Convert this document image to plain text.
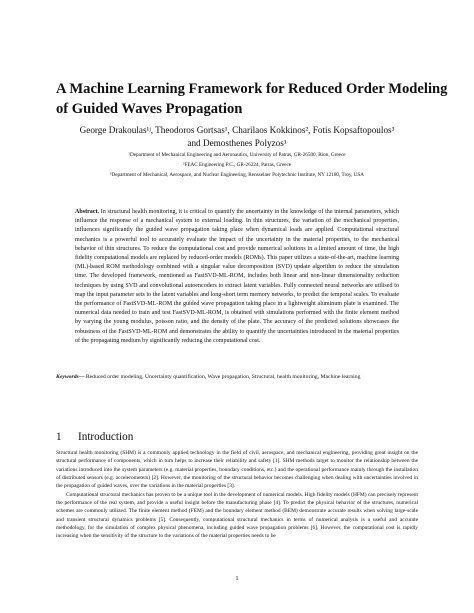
A Machine Learning Framework for Reduced Order Modeling
of Guided Waves Propagation
George Drakoulas¹ʲ, Theodoros Gortsas¹, Charilaos Kokkinos², Fotis Kopsaftopoulos³
and Demosthenes Polyzos¹
¹Department of Mechanical Engineering and Aeronautics, University of Patras, GR-26500, Rion, Greece
²FEAC Engineering P.C., GR-26224, Patras, Greece
³Department of Mechanical, Aerospace, and Nuclear Engineering, Rensselaer Polytechnic Institute, NY 12180, Troy, USA

Abstract. In structural health monitoring, it is critical to quantify the uncertainty in the knowledge of the internal parameters, which influence the response of a mechanical system to external loading. In thin structures, the variation of the mechanical properties, influences significantly the guided wave propagation taking place when dynamical loads are applied. Computational structural mechanics is a powerful tool to accurately evaluate the impact of the uncertainty in the material properties, to the mechanical behavior of thin structures. To reduce the computational cost and provide numerical solutions in a limited amount of time, the high fidelity computational models are replaced by reduced-order models (ROMs). This paper utilizes a state-of-the-art, machine learning (ML)-based ROM methodology combined with a singular value decomposition (SVD) update algorithm to reduce the simulation time. The developed framework, mentioned as FastSVD-ML-ROM, includes both linear and non-linear dimensionality reduction techniques by using SVD and convolutional autoencoders to extract latent variables. Fully connected neural networks are utilised to map the input parameter sets to the latent variables and long-short term memory networks, to predict the temporal scales. To evaluate the performance of FastSVD-ML-ROM the guided wave propagation taking place in a lightweight aluminum plate is examined. The numerical data needed to train and test FastSVD-ML-ROM, is obtained with simulations performed with the finite element method by varying the young modulus, poisson ratio, and the density of the plate. The accuracy of the predicted solutions showcases the robustness of the FastSVD-ML-ROM and demonstrates the ability to quantify the uncertainties introduced in the material properties of the propagating medium by significantly reducing the computational cost.

Keywords— Reduced order modeling, Uncertainty quantification, Wave propagation, Structural, health monitoring, Machine learning
1 Introduction

Structural health monitoring (SHM) is a commonly applied technology in the field of civil, aerospace, and mechanical engineering, providing great insight on the structural performance of components, which in turn helps to increase their reliability and safety [1]. SHM methods target to monitor the relationship between the variations introduced into the system parameters (e.g. material properties, boundary conditions, etc.) and the operational performance mainly through the installation of distributed sensors (e.g. accelerometers) [2]. However, the monitoring of the structural behavior becomes challenging when dealing with uncertainties involved in the propagation of guided waves, over the variations in the material properties [3].

Computational structural mechanics has proven to be a unique tool in the development of numerical models. High fidelity models (HFM) can precisely represent the performance of the real system, and provide a useful insight before the manufacturing phase [4]. To predict the physical behavior of the structures, numerical schemes are commonly utilized. The finite element method (FEM) and the boundary element method (BEM) demonstrate accurate results when solving large-scale and transient structural dynamics problems [5]. Consequently, computational structural mechanics in terms of numerical analysis is a useful and accurate methodology, for the simulation of complex physical phenomena, including guided wave propagation problems [6]. However, the computational cost is rapidly increasing when the sensitivity of the structure to the variations of the material properties needs to be

1
